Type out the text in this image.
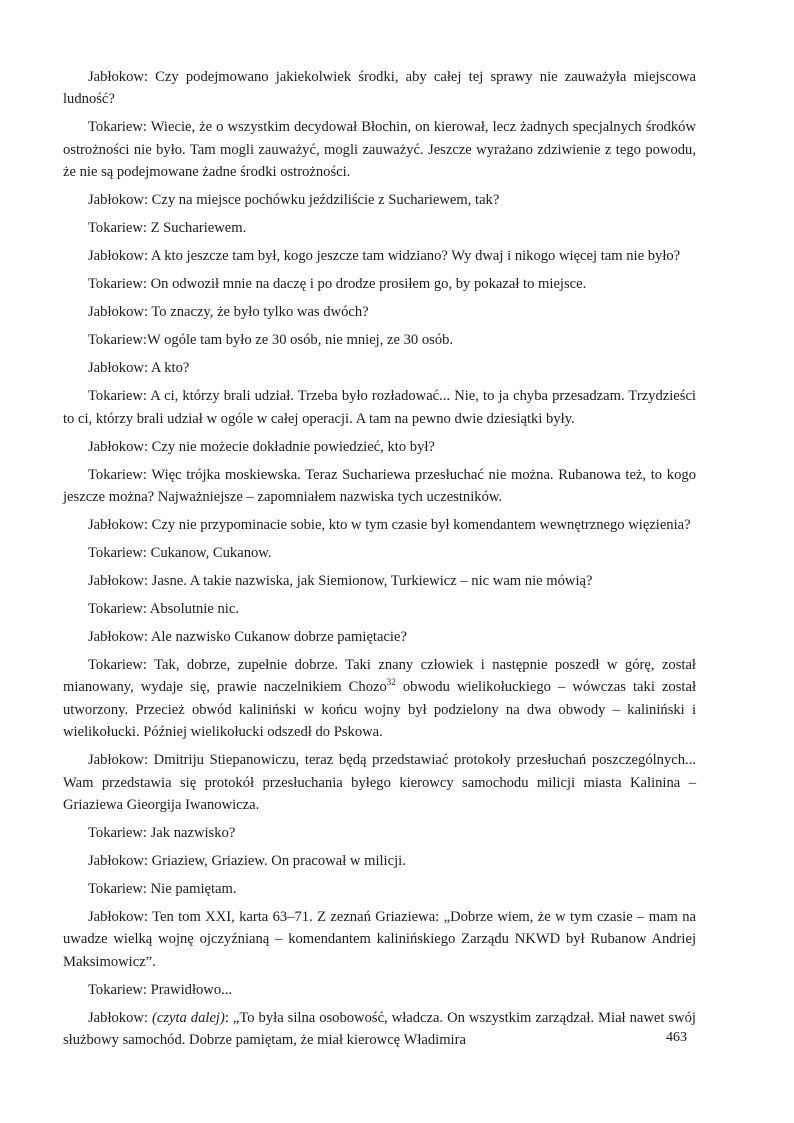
Jabłokow: Czy podejmowano jakiekolwiek środki, aby całej tej sprawy nie zauważyła miejscowa ludność?

Tokariew: Wiecie, że o wszystkim decydował Błochin, on kierował, lecz żadnych specjalnych środków ostrożności nie było. Tam mogli zauważyć, mogli zauważyć. Jeszcze wyrażano zdziwienie z tego powodu, że nie są podejmowane żadne środki ostrożności.

Jabłokow: Czy na miejsce pochówku jeździliście z Suchariewem, tak?

Tokariew: Z Suchariewem.

Jabłokow: A kto jeszcze tam był, kogo jeszcze tam widziano? Wy dwaj i nikogo więcej tam nie było?

Tokariew: On odwoził mnie na daczę i po drodze prosiłem go, by pokazał to miejsce.

Jabłokow: To znaczy, że było tylko was dwóch?

Tokariew:W ogóle tam było ze 30 osób, nie mniej, ze 30 osób.

Jabłokow: A kto?

Tokariew: A ci, którzy brali udział. Trzeba było rozładować... Nie, to ja chyba przesadzam. Trzydzieści to ci, którzy brali udział w ogóle w całej operacji. A tam na pewno dwie dziesiątki były.

Jabłokow: Czy nie możecie dokładnie powiedzieć, kto był?

Tokariew: Więc trójka moskiewska. Teraz Suchariewa przesłuchać nie można. Rubanowa też, to kogo jeszcze można? Najważniejsze – zapomniałem nazwiska tych uczestników.

Jabłokow: Czy nie przypominacie sobie, kto w tym czasie był komendantem wewnętrznego więzienia?

Tokariew: Cukanow, Cukanow.

Jabłokow: Jasne. A takie nazwiska, jak Siemionow, Turkiewicz – nic wam nie mówią?

Tokariew: Absolutnie nic.

Jabłokow: Ale nazwisko Cukanow dobrze pamiętacie?

Tokariew: Tak, dobrze, zupełnie dobrze. Taki znany człowiek i następnie poszedł w górę, został mianowany, wydaje się, prawie naczelnikiem Chozo$^{32}$ obwodu wielikołuckiego – wówczas taki został utworzony. Przecież obwód kaliniński w końcu wojny był podzielony na dwa obwody – kaliniński i wielikołucki. Później wielikołucki odszedł do Pskowa.

Jabłokow: Dmitriju Stiepanowiczu, teraz będą przedstawiać protokoły przesłuchań poszczególnych... Wam przedstawia się protokół przesłuchania byłego kierowcy samochodu milicji miasta Kalinina – Griaziewa Gieorgija Iwanowicza.

Tokariew: Jak nazwisko?

Jabłokow: Griaziew, Griaziew. On pracował w milicji.

Tokariew: Nie pamiętam.

Jabłokow: Ten tom XXI, karta 63–71. Z zeznań Griaziewa: „Dobrze wiem, że w tym czasie – mam na uwadze wielką wojnę ojczyźnianą – komendantem kalinińskiego Zarządu NKWD był Rubanow Andriej Maksimowicz”.

Tokariew: Prawidłowo...

Jabłokow: (czyta dalej): „To była silna osobowość, władcza. On wszystkim zarządzał. Miał nawet swój służbowy samochód. Dobrze pamiętam, że miał kierowcę Władimira	463
